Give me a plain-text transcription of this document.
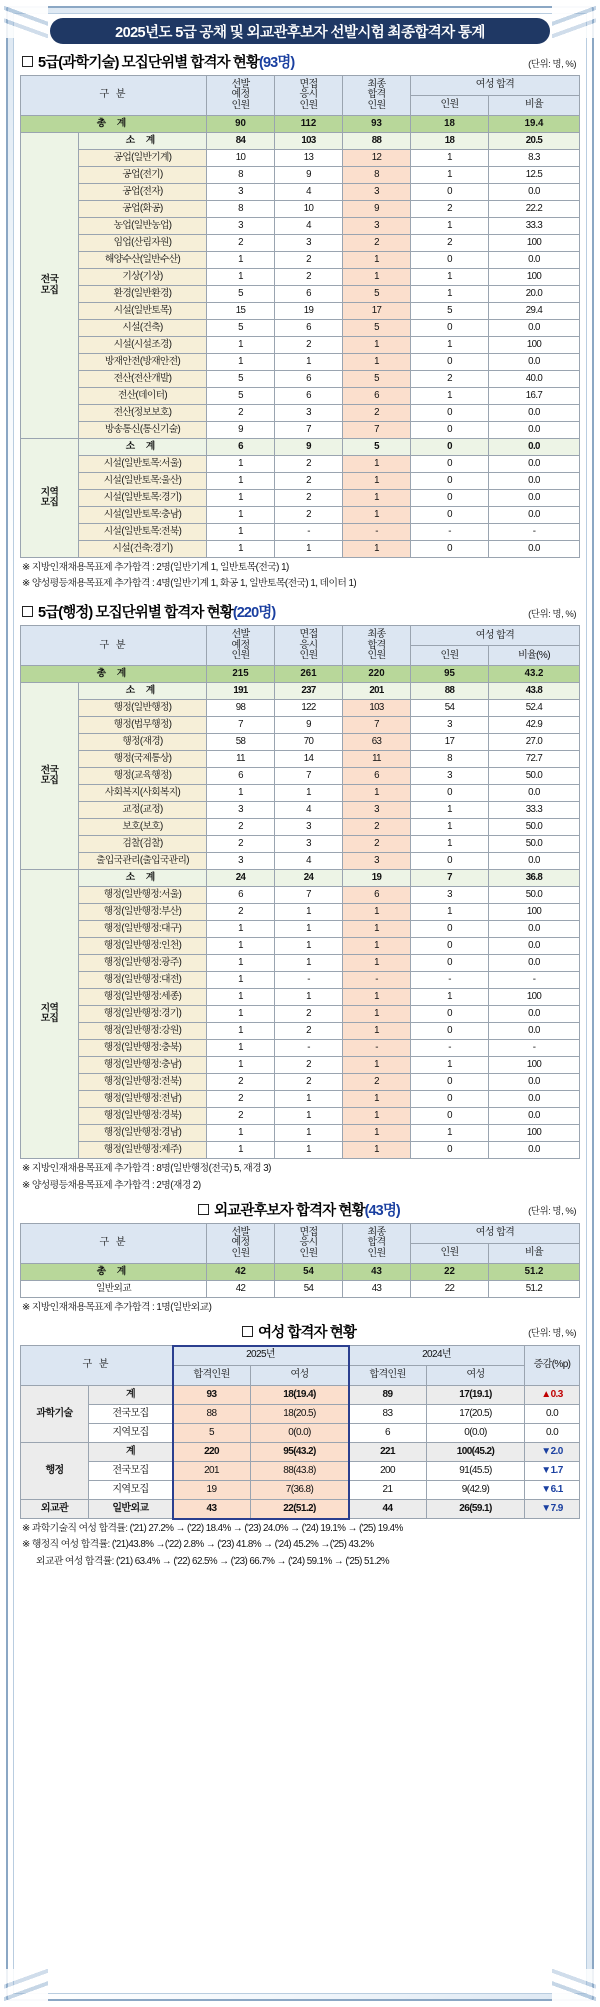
2025년도 5급 공채 및 외교관후보자 선발시험 최종합격자 통계
5급(과학기술) 모집단위별 합격자 현황(93명)	(단위: 명, %)
구 분		선발
예정
인원	면접
응시
인원	최종
합격
인원	여성 합격	
					인원	비율
총 계		90	112	93	18	19.4
전국
모집	소 계	84	103	88	18	20.5
	공업(일반기계)	10	13	12	1	8.3
	공업(전기)	8	9	8	1	12.5
	공업(전자)	3	4	3	0	0.0
	공업(화공)	8	10	9	2	22.2
	농업(일반농업)	3	4	3	1	33.3
	임업(산림자원)	2	3	2	2	100
	해양수산(일반수산)	1	2	1	0	0.0
	기상(기상)	1	2	1	1	100
	환경(일반환경)	5	6	5	1	20.0
	시설(일반토목)	15	19	17	5	29.4
	시설(건축)	5	6	5	0	0.0
	시설(시설조경)	1	2	1	1	100
	방재안전(방재안전)	1	1	1	0	0.0
	전산(전산개발)	5	6	5	2	40.0
	전산(데이터)	5	6	6	1	16.7
	전산(정보보호)	2	3	2	0	0.0
	방송통신(통신기술)	9	7	7	0	0.0
지역
모집	소 계	6	9	5	0	0.0
	시설(일반토목:서울)	1	2	1	0	0.0
	시설(일반토목:울산)	1	2	1	0	0.0
	시설(일반토목:경기)	1	2	1	0	0.0
	시설(일반토목:충남)	1	2	1	0	0.0
	시설(일반토목:전북)	1	-	-	-	-
	시설(건축:경기)	1	1	1	0	0.0
※ 지방인재채용목표제 추가합격 : 2명(일반기계 1, 일반토목(전국) 1)
※ 양성평등채용목표제 추가합격 : 4명(일반기계 1, 화공 1, 일반토목(전국) 1, 데이터 1)
5급(행정) 모집단위별 합격자 현황(220명)	(단위: 명, %)
구 분		선발
예정
인원	면접
응시
인원	최종
합격
인원	여성 합격	
					인원	비율(%)
총 계		215	261	220	95	43.2
전국
모집	소 계	191	237	201	88	43.8
	행정(일반행정)	98	122	103	54	52.4
	행정(법무행정)	7	9	7	3	42.9
	행정(재경)	58	70	63	17	27.0
	행정(국제통상)	11	14	11	8	72.7
	행정(교육행정)	6	7	6	3	50.0
	사회복지(사회복지)	1	1	1	0	0.0
	교정(교정)	3	4	3	1	33.3
	보호(보호)	2	3	2	1	50.0
	검찰(검찰)	2	3	2	1	50.0
	출입국관리(출입국관리)	3	4	3	0	0.0
지역
모집	소 계	24	24	19	7	36.8
	행정(일반행정:서울)	6	7	6	3	50.0
	행정(일반행정:부산)	2	1	1	1	100
	행정(일반행정:대구)	1	1	1	0	0.0
	행정(일반행정:인천)	1	1	1	0	0.0
	행정(일반행정:광주)	1	1	1	0	0.0
	행정(일반행정:대전)	1	-	-	-	-
	행정(일반행정:세종)	1	1	1	1	100
	행정(일반행정:경기)	1	2	1	0	0.0
	행정(일반행정:강원)	1	2	1	0	0.0
	행정(일반행정:충북)	1	-	-	-	-
	행정(일반행정:충남)	1	2	1	1	100
	행정(일반행정:전북)	2	2	2	0	0.0
	행정(일반행정:전남)	2	1	1	0	0.0
	행정(일반행정:경북)	2	1	1	0	0.0
	행정(일반행정:경남)	1	1	1	1	100
	행정(일반행정:제주)	1	1	1	0	0.0
※ 지방인재채용목표제 추가합격 : 8명(일반행정(전국) 5, 재경 3)
※ 양성평등채용목표제 추가합격 : 2명(재경 2)
외교관후보자 합격자 현황(43명)	(단위: 명, %)
구 분	선발
예정
인원	면접
응시
인원	최종
합격
인원	여성 합격	
				인원	비율
총 계	42	54	43	22	51.2
일반외교	42	54	43	22	51.2
※ 지방인재채용목표제 추가합격 : 1명(일반외교)
여성 합격자 현황	(단위: 명, %)
구 분		2025년		2024년		증감(%p)
		합격인원	여성	합격인원	여성	
과학기술	계	93	18(19.4)	89	17(19.1)	▲0.3
	전국모집	88	18(20.5)	83	17(20.5)	0.0
	지역모집	5	0(0.0)	6	0(0.0)	0.0
행정	계	220	95(43.2)	221	100(45.2)	▼2.0
	전국모집	201	88(43.8)	200	91(45.5)	▼1.7
	지역모집	19	7(36.8)	21	9(42.9)	▼6.1
외교관	일반외교	43	22(51.2)	44	26(59.1)	▼7.9

※ 과학기술직 여성 합격률: ('21) 27.2% → ('22) 18.4% → ('23) 24.0% → ('24) 19.1% → ('25) 19.4%
※ 행정직 여성 합격률: ('21)43.8% →('22) 2.8% → ('23) 41.8% → ('24) 45.2% →('25) 43.2%
외교관 여성 합격률: ('21) 63.4% → ('22) 62.5% → ('23) 66.7% → ('24) 59.1% → ('25) 51.2%
